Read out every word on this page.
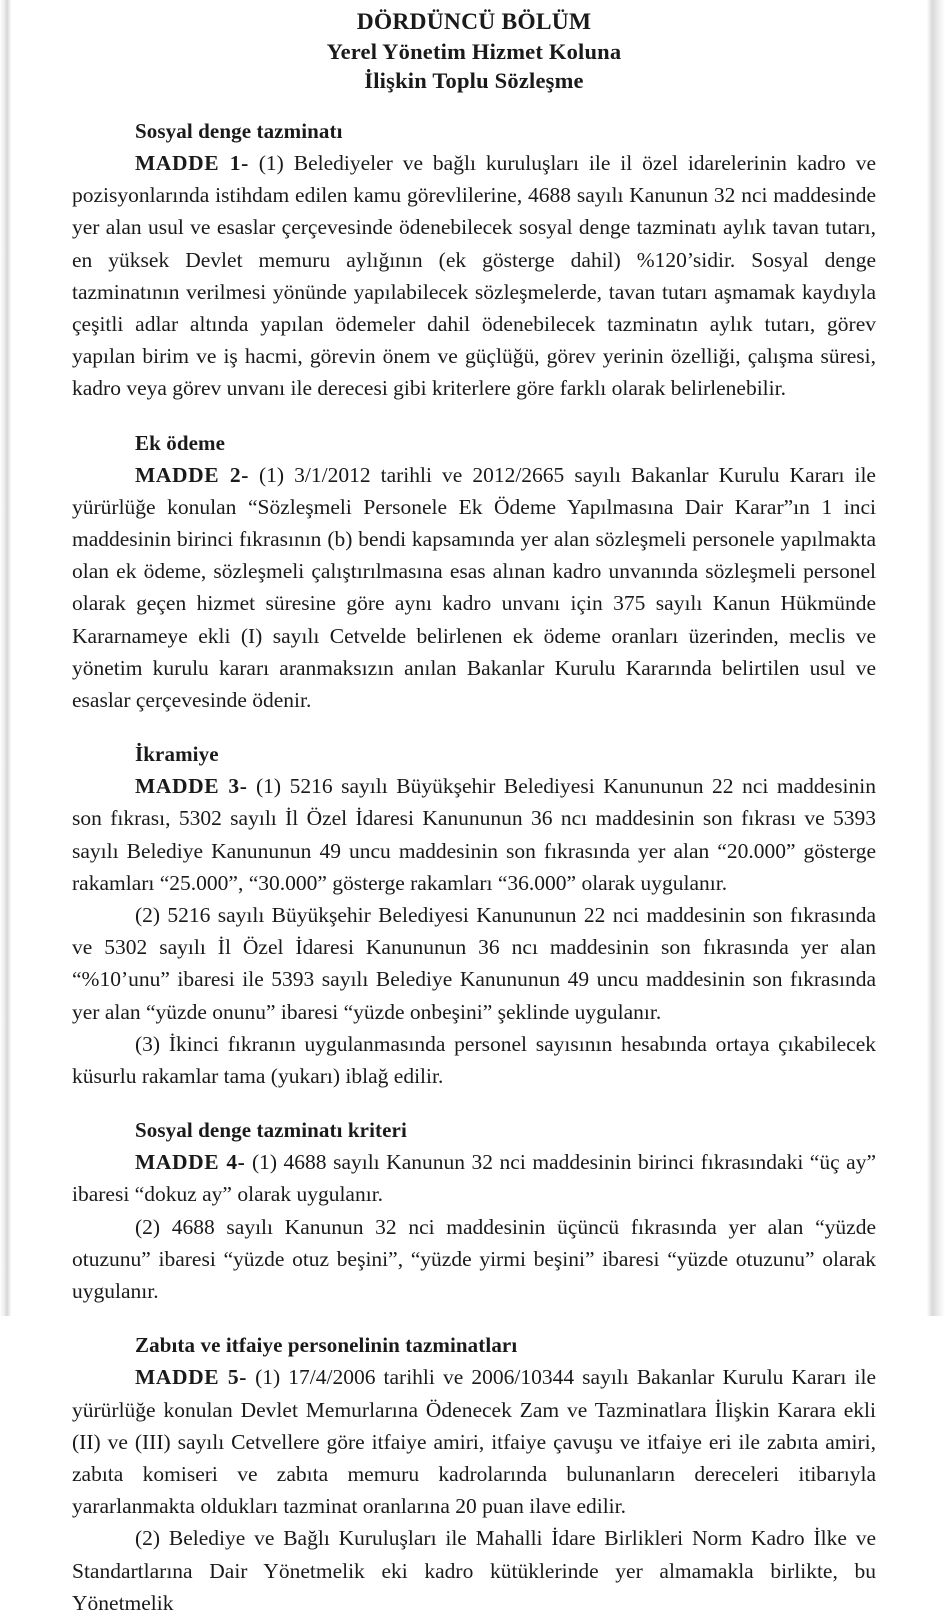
DÖRDÜNCÜ BÖLÜM
Yerel Yönetim Hizmet Koluna
İlişkin Toplu Sözleşme
Sosyal denge tazminatı

MADDE 1- (1) Belediyeler ve bağlı kuruluşları ile il özel idarelerinin kadro ve pozisyonlarında istihdam edilen kamu görevlilerine, 4688 sayılı Kanunun 32 nci maddesinde yer alan usul ve esaslar çerçevesinde ödenebilecek sosyal denge tazminatı aylık tavan tutarı, en yüksek Devlet memuru aylığının (ek gösterge dahil) %120’sidir. Sosyal denge tazminatının verilmesi yönünde yapılabilecek sözleşmelerde, tavan tutarı aşmamak kaydıyla çeşitli adlar altında yapılan ödemeler dahil ödenebilecek tazminatın aylık tutarı, görev yapılan birim ve iş hacmi, görevin önem ve güçlüğü, görev yerinin özelliği, çalışma süresi, kadro veya görev unvanı ile derecesi gibi kriterlere göre farklı olarak belirlenebilir.

Ek ödeme

MADDE 2- (1) 3/1/2012 tarihli ve 2012/2665 sayılı Bakanlar Kurulu Kararı ile yürürlüğe konulan “Sözleşmeli Personele Ek Ödeme Yapılmasına Dair Karar”ın 1 inci maddesinin birinci fıkrasının (b) bendi kapsamında yer alan sözleşmeli personele yapılmakta olan ek ödeme, sözleşmeli çalıştırılmasına esas alınan kadro unvanında sözleşmeli personel olarak geçen hizmet süresine göre aynı kadro unvanı için 375 sayılı Kanun Hükmünde Kararnameye ekli (I) sayılı Cetvelde belirlenen ek ödeme oranları üzerinden, meclis ve yönetim kurulu kararı aranmaksızın anılan Bakanlar Kurulu Kararında belirtilen usul ve esaslar çerçevesinde ödenir.

İkramiye

MADDE 3- (1) 5216 sayılı Büyükşehir Belediyesi Kanununun 22 nci maddesinin son fıkrası, 5302 sayılı İl Özel İdaresi Kanununun 36 ncı maddesinin son fıkrası ve 5393 sayılı Belediye Kanununun 49 uncu maddesinin son fıkrasında yer alan “20.000” gösterge rakamları “25.000”, “30.000” gösterge rakamları “36.000” olarak uygulanır.

(2) 5216 sayılı Büyükşehir Belediyesi Kanununun 22 nci maddesinin son fıkrasında ve 5302 sayılı İl Özel İdaresi Kanununun 36 ncı maddesinin son fıkrasında yer alan “%10’unu” ibaresi ile 5393 sayılı Belediye Kanununun 49 uncu maddesinin son fıkrasında yer alan “yüzde onunu” ibaresi “yüzde onbeşini” şeklinde uygulanır.

(3) İkinci fıkranın uygulanmasında personel sayısının hesabında ortaya çıkabilecek küsurlu rakamlar tama (yukarı) iblağ edilir.

Sosyal denge tazminatı kriteri

MADDE 4- (1) 4688 sayılı Kanunun 32 nci maddesinin birinci fıkrasındaki “üç ay” ibaresi “dokuz ay” olarak uygulanır.

(2) 4688 sayılı Kanunun 32 nci maddesinin üçüncü fıkrasında yer alan “yüzde otuzunu” ibaresi “yüzde otuz beşini”, “yüzde yirmi beşini” ibaresi “yüzde otuzunu” olarak uygulanır.

Zabıta ve itfaiye personelinin tazminatları

MADDE 5- (1) 17/4/2006 tarihli ve 2006/10344 sayılı Bakanlar Kurulu Kararı ile yürürlüğe konulan Devlet Memurlarına Ödenecek Zam ve Tazminatlara İlişkin Karara ekli (II) ve (III) sayılı Cetvellere göre itfaiye amiri, itfaiye çavuşu ve itfaiye eri ile zabıta amiri, zabıta komiseri ve zabıta memuru kadrolarında bulunanların dereceleri itibarıyla yararlanmakta oldukları tazminat oranlarına 20 puan ilave edilir.

(2) Belediye ve Bağlı Kuruluşları ile Mahalli İdare Birlikleri Norm Kadro İlke ve Standartlarına Dair Yönetmelik eki kadro kütüklerinde yer almamakla birlikte, bu Yönetmelik
